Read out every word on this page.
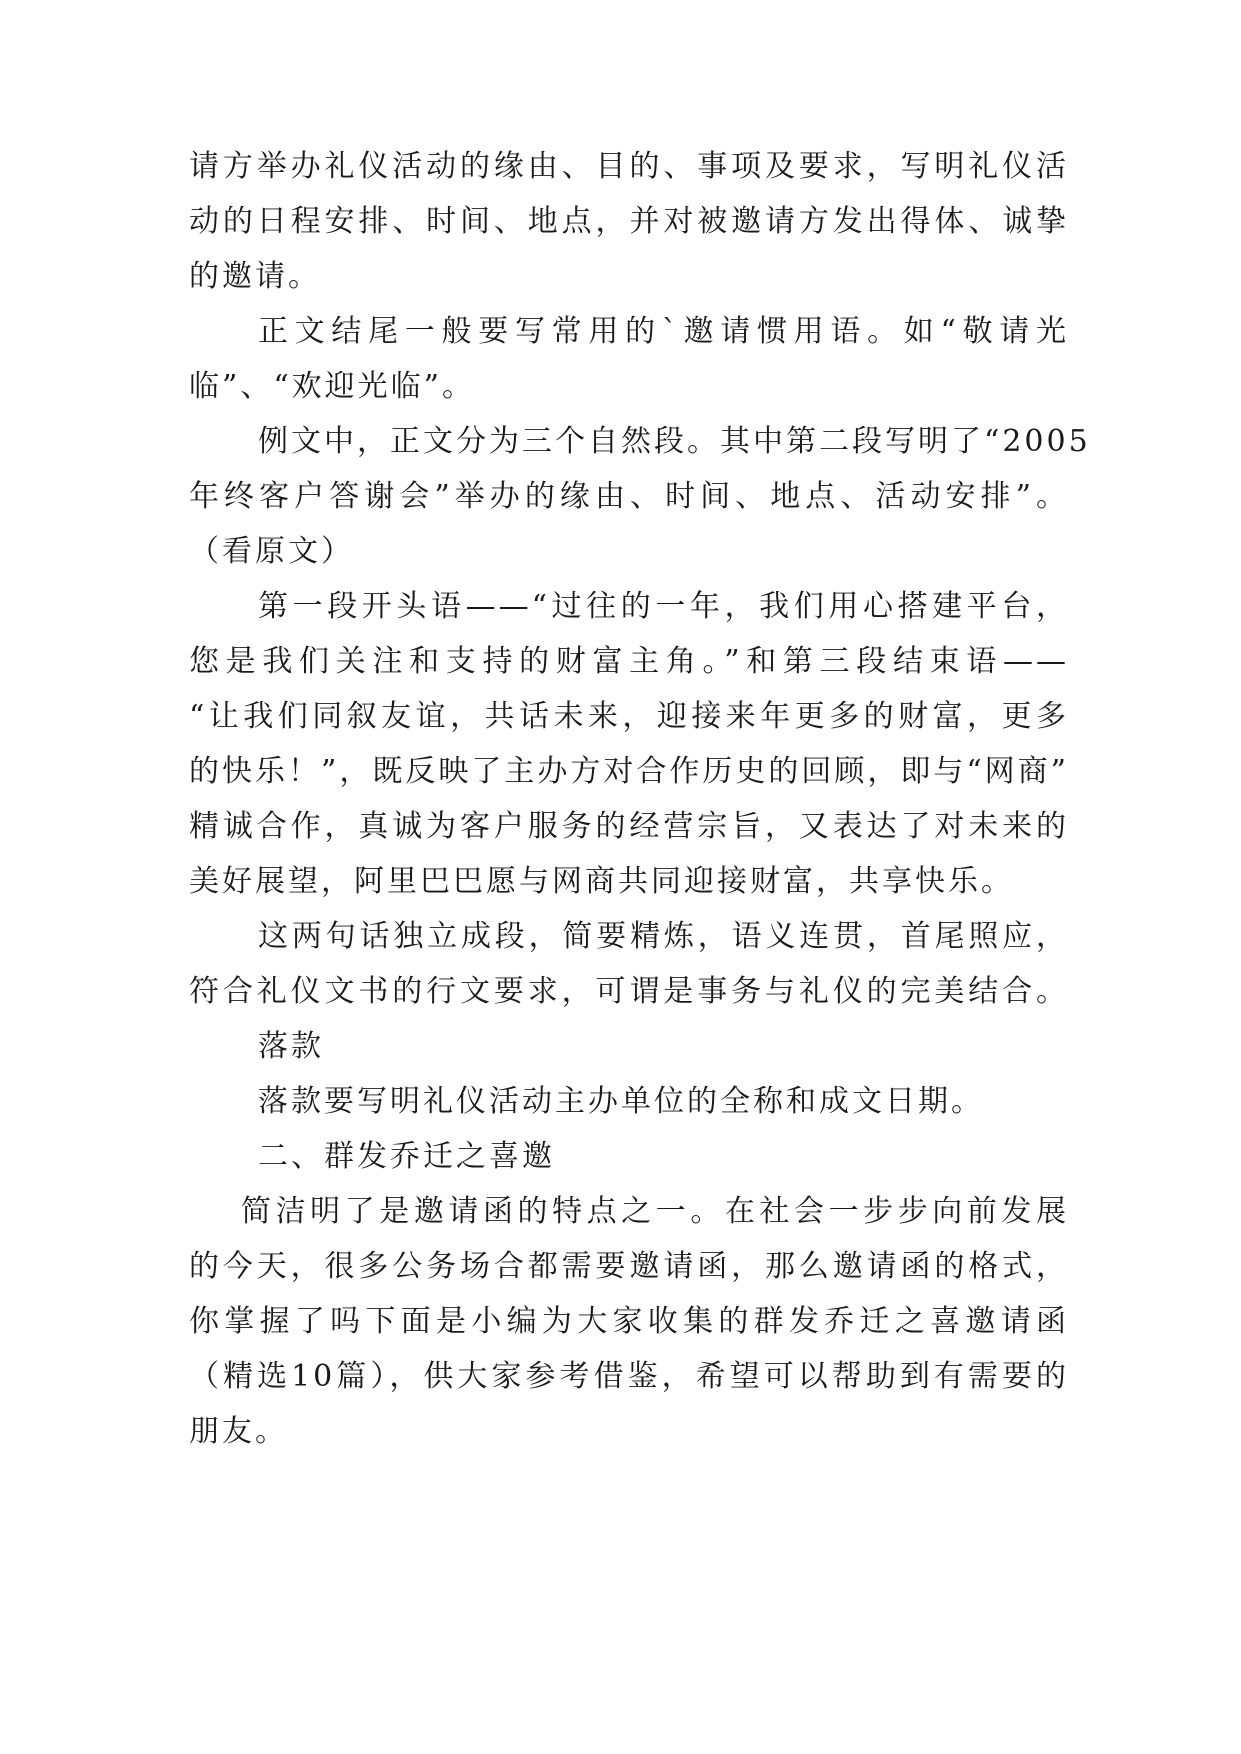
请方举办礼仪活动的缘由、目的、事项及要求，写明礼仪活
动的日程安排、时间、地点，并对被邀请方发出得体、诚挚
的邀请。
正文结尾一般要写常用的`邀请惯用语。如“敬请光
临”、“欢迎光临”。
例文中，正文分为三个自然段。其中第二段写明了“2005
年终客户答谢会”举办的缘由、时间、地点、活动安排”。
（看原文）
第一段开头语——“过往的一年，我们用心搭建平台，
您是我们关注和支持的财富主角。”和第三段结束语——
“让我们同叙友谊，共话未来，迎接来年更多的财富，更多
的快乐！”，既反映了主办方对合作历史的回顾，即与“网商”
精诚合作，真诚为客户服务的经营宗旨，又表达了对未来的
美好展望，阿里巴巴愿与网商共同迎接财富，共享快乐。
这两句话独立成段，简要精炼，语义连贯，首尾照应，
符合礼仪文书的行文要求，可谓是事务与礼仪的完美结合。
落款
落款要写明礼仪活动主办单位的全称和成文日期。
二、群发乔迁之喜邀
简洁明了是邀请函的特点之一。在社会一步步向前发展
的今天，很多公务场合都需要邀请函，那么邀请函的格式，
你掌握了吗下面是小编为大家收集的群发乔迁之喜邀请函
（精选10篇），供大家参考借鉴，希望可以帮助到有需要的
朋友。
